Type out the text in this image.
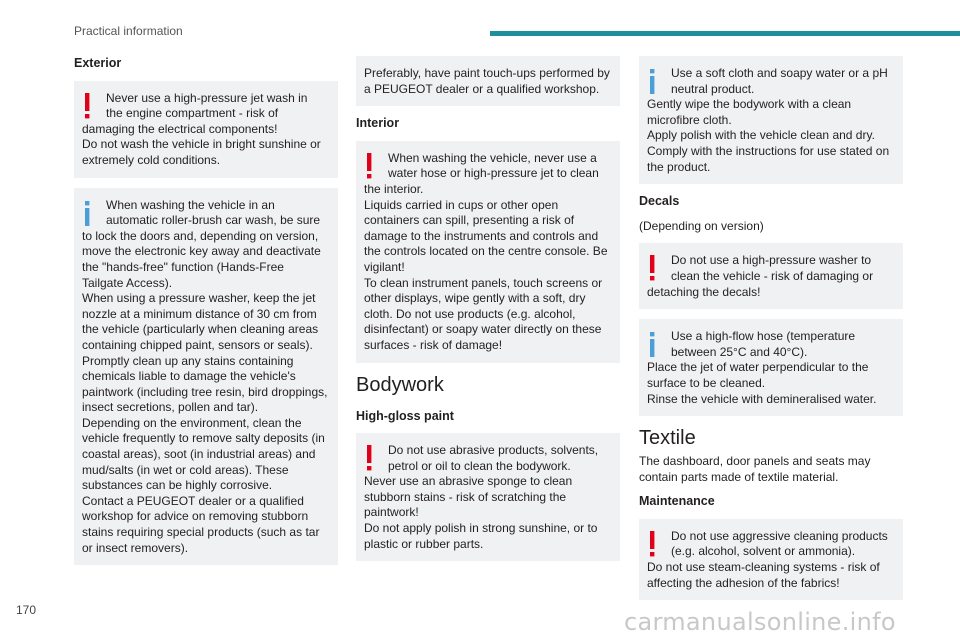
Practical information
Exterior
Never use a high-pressure jet wash in
the engine compartment - risk of
damaging the electrical components!
Do not wash the vehicle in bright sunshine or extremely cold conditions.
When washing the vehicle in an
automatic roller-brush car wash, be sure
to lock the doors and, depending on version, move the electronic key away and deactivate the "hands-free" function (Hands-Free Tailgate Access).
When using a pressure washer, keep the jet nozzle at a minimum distance of 30 cm from the vehicle (particularly when cleaning areas containing chipped paint, sensors or seals).
Promptly clean up any stains containing chemicals liable to damage the vehicle's paintwork (including tree resin, bird droppings, insect secretions, pollen and tar).
Depending on the environment, clean the vehicle frequently to remove salty deposits (in coastal areas), soot (in industrial areas) and mud/salts (in wet or cold areas). These substances can be highly corrosive.
Contact a PEUGEOT dealer or a qualified workshop for advice on removing stubborn stains requiring special products (such as tar or insect removers).
Preferably, have paint touch-ups performed by a PEUGEOT dealer or a qualified workshop.
Interior
When washing the vehicle, never use a
water hose or high-pressure jet to clean
the interior.
Liquids carried in cups or other open containers can spill, presenting a risk of damage to the instruments and controls and the controls located on the centre console. Be vigilant!
To clean instrument panels, touch screens or other displays, wipe gently with a soft, dry cloth. Do not use products (e.g. alcohol, disinfectant) or soapy water directly on these surfaces - risk of damage!
Bodywork
High-gloss paint
Do not use abrasive products, solvents,
petrol or oil to clean the bodywork.
Never use an abrasive sponge to clean stubborn stains - risk of scratching the paintwork!
Do not apply polish in strong sunshine, or to plastic or rubber parts.
Use a soft cloth and soapy water or a pH
neutral product.
Gently wipe the bodywork with a clean microfibre cloth.
Apply polish with the vehicle clean and dry.
Comply with the instructions for use stated on the product.
Decals
(Depending on version)
Do not use a high-pressure washer to
clean the vehicle - risk of damaging or
detaching the decals!
Use a high-flow hose (temperature
between 25°C and 40°C).
Place the jet of water perpendicular to the surface to be cleaned.
Rinse the vehicle with demineralised water.
Textile
The dashboard, door panels and seats may contain parts made of textile material.
Maintenance
Do not use aggressive cleaning products
(e.g. alcohol, solvent or ammonia).
Do not use steam-cleaning systems - risk of affecting the adhesion of the fabrics!
170	carmanualsonline.info
